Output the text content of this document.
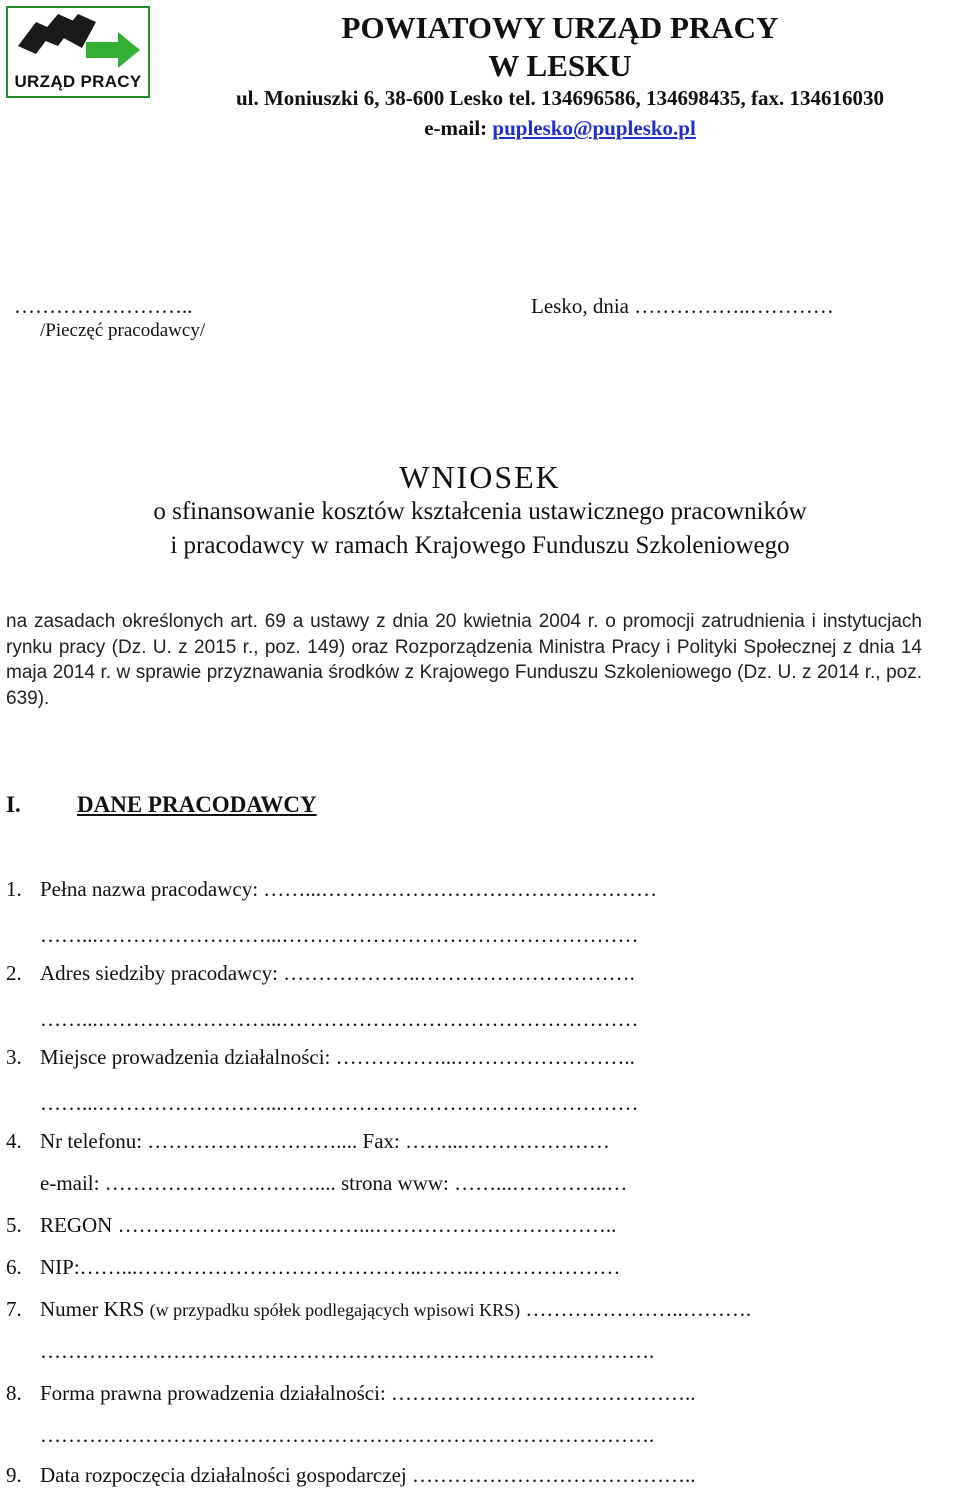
URZĄD PRACY
POWIATOWY URZĄD PRACY
W LESKU
ul. Moniuszki 6, 38-600 Lesko tel. 134696586, 134698435, fax. 134616030
e-mail: puplesko@puplesko.pl
……………………..
/Pieczęć pracodawcy/
Lesko, dnia ……………..…………
WNIOSEK
o sfinansowanie kosztów kształcenia ustawicznego pracowników
i pracodawcy w ramach Krajowego Funduszu Szkoleniowego
na zasadach określonych art. 69 a ustawy z dnia 20 kwietnia 2004 r. o promocji zatrudnienia i instytucjach rynku pracy (Dz. U. z 2015 r., poz. 149) oraz Rozporządzenia Ministra Pracy i Polityki Społecznej z dnia 14 maja 2014 r. w sprawie przyznawania środków z Krajowego Funduszu Szkoleniowego (Dz. U. z 2014 r., poz. 639).
I. DANE PRACODAWCY
1. Pełna nazwa pracodawcy: ……...…………………………………………
……...……………………...……………………………………………
2. Adres siedziby pracodawcy: ………………..………………………….
……...……………………...……………………………………………
3. Miejsce prowadzenia działalności: ……………...……………………..
……...……………………...……………………………………………
4. Nr telefonu: ……………………….... Fax: ……...…………………
e-mail: ………………………….... strona www: ……...…………..…
5. REGON …………………..…………...……………………………..
6. NIP:……...…………………………………..……..…………………
7. Numer KRS (w przypadku spółek podlegających wpisowi KRS) …………………..……….
…………………………………………………………………………….
8. Forma prawna prowadzenia działalności: ……………………………………..
…………………………………………………………………………….
9. Data rozpoczęcia działalności gospodarczej …………………………………..
